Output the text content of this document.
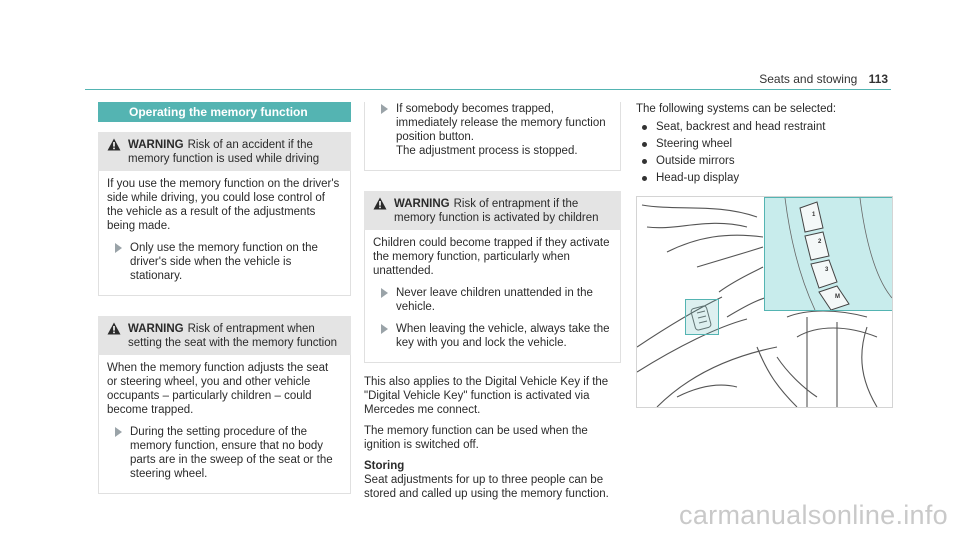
Seats and stowing 113
Operating the memory function
WARNING Risk of an accident if the memory function is used while driving

If you use the memory function on the driver's side while driving, you could lose control of the vehicle as a result of the adjustments being made.

Only use the memory function on the driver's side when the vehicle is stationary.
WARNING Risk of entrapment when setting the seat with the memory function

When the memory function adjusts the seat or steering wheel, you and other vehicle occupants – particularly children – could become trapped.

During the setting procedure of the memory function, ensure that no body parts are in the sweep of the seat or the steering wheel.
If somebody becomes trapped, immediately release the memory function position button.
The adjustment process is stopped.
WARNING Risk of entrapment if the memory function is activated by children

Children could become trapped if they activate the memory function, particularly when unattended.

Never leave children unattended in the vehicle.
When leaving the vehicle, always take the key with you and lock the vehicle.

This also applies to the Digital Vehicle Key if the "Digital Vehicle Key" function is activated via Mercedes me connect.

The memory function can be used when the ignition is switched off.

Storing

Seat adjustments for up to three people can be stored and called up using the memory function.

The following systems can be selected:
Seat, backrest and head restraint
Steering wheel
Outside mirrors
Head-up display
1
2
3
M
carmanualsonline.info
